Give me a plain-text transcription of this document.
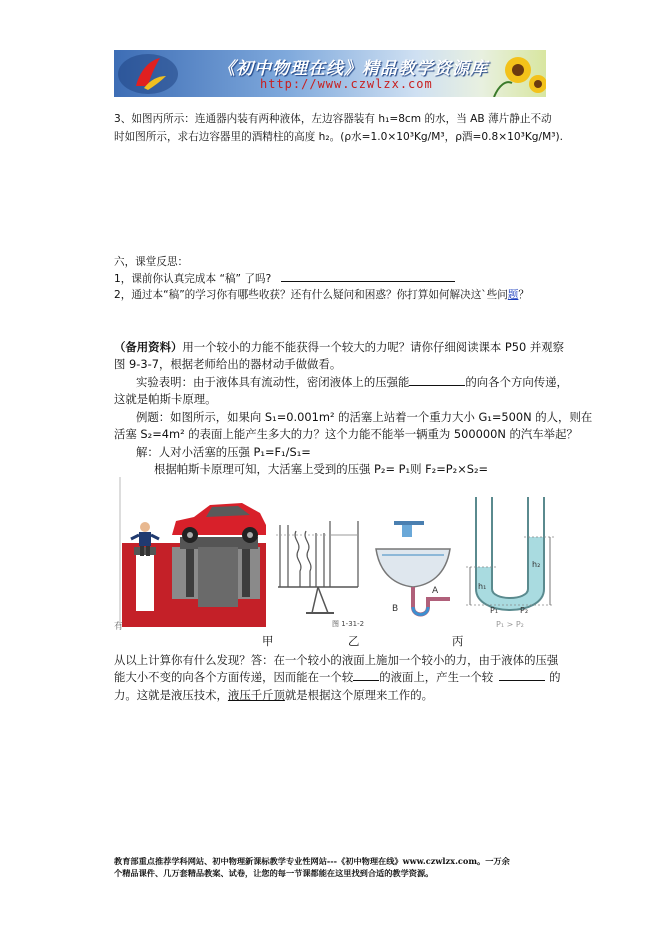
《初中物理在线》精品教学资源库
http://www.czwlzx.com
3、如图丙所示：连通器内装有两种液体，左边容器装有 h₁=8cm 的水，当 AB 薄片静止不动
时如图所示，求右边容器里的酒精柱的高度 h₂。(ρ水=1.0×10³Kg/M³，ρ酒=0.8×10³Kg/M³).
六，课堂反思：
1，课前你认真完成本 “稿” 了吗?
2，通过本“稿”的学习你有哪些收获？还有什么疑问和困惑？你打算如何解决这`些问题？
（备用资料）用一个较小的力能不能获得一个较大的力呢？请你仔细阅读课本 P50 并观察
图 9-3-7，根据老师给出的器材动手做做看。
实验表明：由于液体具有流动性，密闭液体上的压强能	的向各个方向传递，
这就是帕斯卡原理。
例题：如图所示，如果向 S₁=0.001m² 的活塞上站着一个重力大小 G₁=500N 的人，则在
活塞 S₂=4m² 的表面上能产生多大的力？这个力能不能举一辆重为 500000N 的汽车举起？
解：人对小活塞的压强 P₁=F₁/S₁=
根据帕斯卡原理可知，大活塞上受到的压强 P₂= P₁则 F₂=P₂×S₂=
有	图 1-31-2
A
B
h₁
h₂
P₁	P₂
P₁ > P₂
甲	乙	丙
从以上计算你有什么发现？答：在一个较小的液面上施加一个较小的力，由于液体的压强
能大小不变的向各个方面传递，因而能在一个较 的液面上，产生一个较	的
力。这就是液压技术，液压千斤顶就是根据这个原理来工作的。
教育部重点推荐学科网站、初中物理新课标教学专业性网站---《初中物理在线》www.czwlzx.com。一万余
个精品课件、几万套精品教案、试卷，让您的每一节课都能在这里找到合适的教学资源。
